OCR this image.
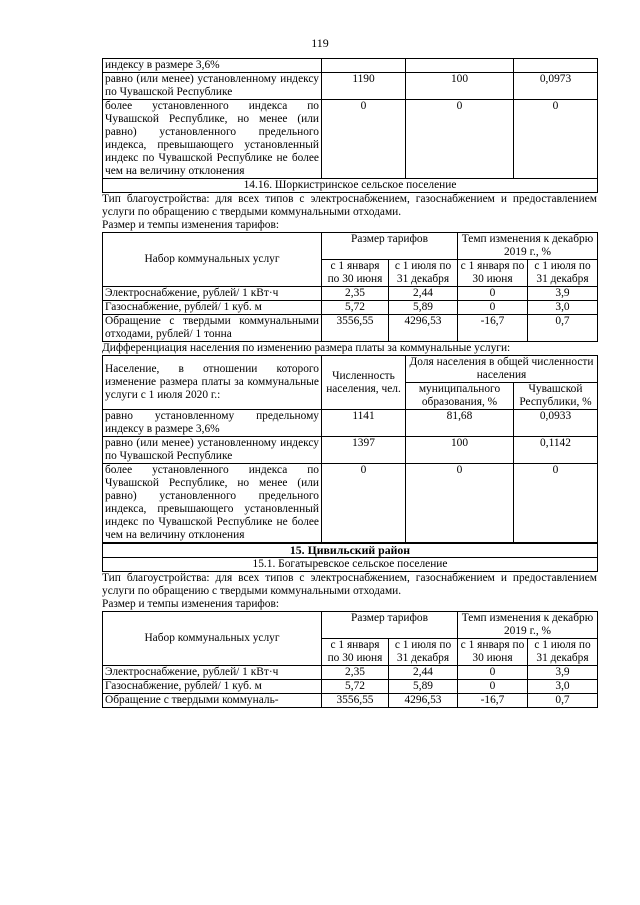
119
индексу в размере 3,6%			
равно (или менее) установленному индексу по Чувашской Республике	1190	100	0,0973
более установленного индекса по Чувашской Республике, но менее (или равно) установленного предельного индекса, превышающего установленный индекс по Чувашской Республике не более чем на величину отклонения	0	0	0
14.16. Шоркистринское сельское поселение			

Тип благоустройства: для всех типов с электроснабжением, газоснабжением и предоставлением услуги по обращению с твердыми коммунальными отходами.

Размер и темпы изменения тарифов:

Набор коммунальных услуг	Размер тарифов		Темп изменения к декабрю 2019 г., %	
	с 1 января по 30 июня	с 1 июля по 31 декабря	с 1 января по 30 июня	с 1 июля по 31 декабря
Электроснабжение, рублей/ 1 кВт·ч	2,35	2,44	0	3,9
Газоснабжение, рублей/ 1 куб. м	5,72	5,89	0	3,0
Обращение с твердыми коммунальными отходами, рублей/ 1 тонна	3556,55	4296,53	-16,7	0,7

Дифференциация населения по изменению размера платы за коммунальные услуги:

Население, в отношении которого изменение размера платы за коммунальные услуги с 1 июля 2020 г.:	Численность населения, чел.	Доля населения в общей численности населения	
		муниципального образования, %	Чувашской Республики, %
равно установленному предельному индексу в размере 3,6%	1141	81,68	0,0933
равно (или менее) установленному индексу по Чувашской Республике	1397	100	0,1142
более установленного индекса по Чувашской Республике, но менее (или равно) установленного предельного индекса, превышающего установленный индекс по Чувашской Республике не более чем на величину отклонения	0	0	0
15. Цивильский район			
15.1. Богатыревское сельское поселение			

Тип благоустройства: для всех типов с электроснабжением, газоснабжением и предоставлением услуги по обращению с твердыми коммунальными отходами.

Размер и темпы изменения тарифов:

Набор коммунальных услуг	Размер тарифов		Темп изменения к декабрю 2019 г., %	
	с 1 января по 30 июня	с 1 июля по 31 декабря	с 1 января по 30 июня	с 1 июля по 31 декабря
Электроснабжение, рублей/ 1 кВт·ч	2,35	2,44	0	3,9
Газоснабжение, рублей/ 1 куб. м	5,72	5,89	0	3,0
Обращение с твердыми коммуналь-	3556,55	4296,53	-16,7	0,7
